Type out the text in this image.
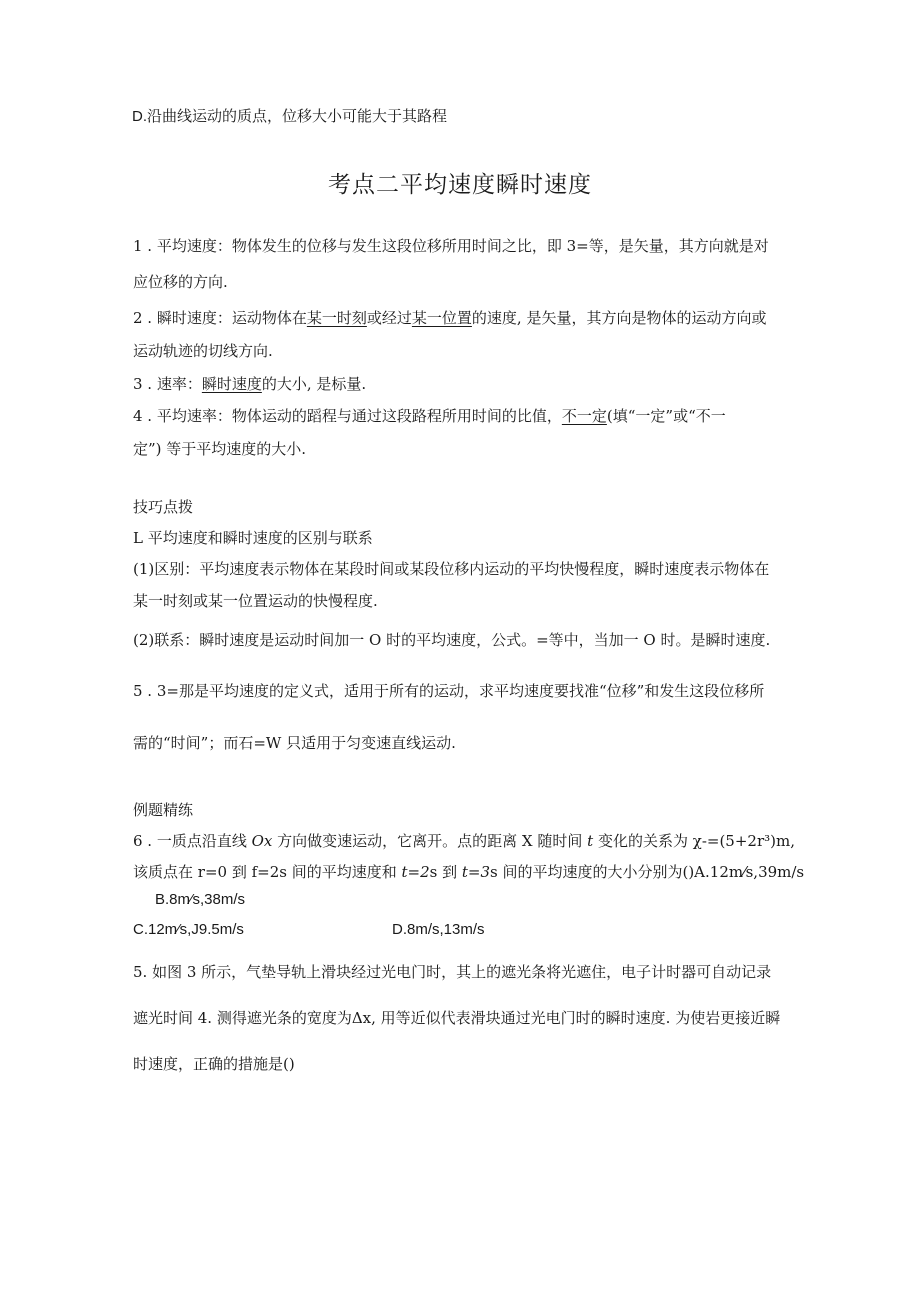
D.沿曲线运动的质点，位移大小可能大于其路程
考点二平均速度瞬时速度
1 . 平均速度：物体发生的位移与发生这段位移所用时间之比，即 3=等，是矢量，其方向就是对
应位移的方向.
2 . 瞬时速度：运动物体在某一时刻或经过某一位置的速度, 是矢量，其方向是物体的运动方向或
运动轨迹的切线方向.
3 . 速率：瞬时速度的大小, 是标量.
4 . 平均速率：物体运动的蹈程与通过这段路程所用时间的比值，不一定(填“一定”或“不一
定”) 等于平均速度的大小.
技巧点拨
L 平均速度和瞬时速度的区别与联系
(1)区别：平均速度表示物体在某段时间或某段位移内运动的平均快慢程度，瞬时速度表示物体在
某一时刻或某一位置运动的快慢程度.
(2)联系：瞬时速度是运动时间加一 O 时的平均速度，公式。=等中，当加一 O 时。是瞬时速度.
5 . 3=那是平均速度的定义式，适用于所有的运动，求平均速度要找准“位移”和发生这段位移所
需的“时间”；而石=W 只适用于匀变速直线运动.
例题精练
6 . 一质点沿直线 Ox 方向做变速运动，它离开。点的距离 X 随时间 t 变化的关系为 χ-=(5+2r³)m,
该质点在 r=0 到 f=2s 间的平均速度和 t=2s 到 t=3s 间的平均速度的大小分别为()A.12m⁄s,39m/s
B.8m⁄s,38m/s
C.12m⁄s,J9.5m/s	D.8m/s,13m/s
5. 如图 3 所示，气垫导轨上滑块经过光电门时，其上的遮光条将光遮住，电子计时器可自动记录
遮光时间 4. 测得遮光条的宽度为Δx, 用等近似代表滑块通过光电门时的瞬时速度. 为使岩更接近瞬
时速度，正确的措施是()
